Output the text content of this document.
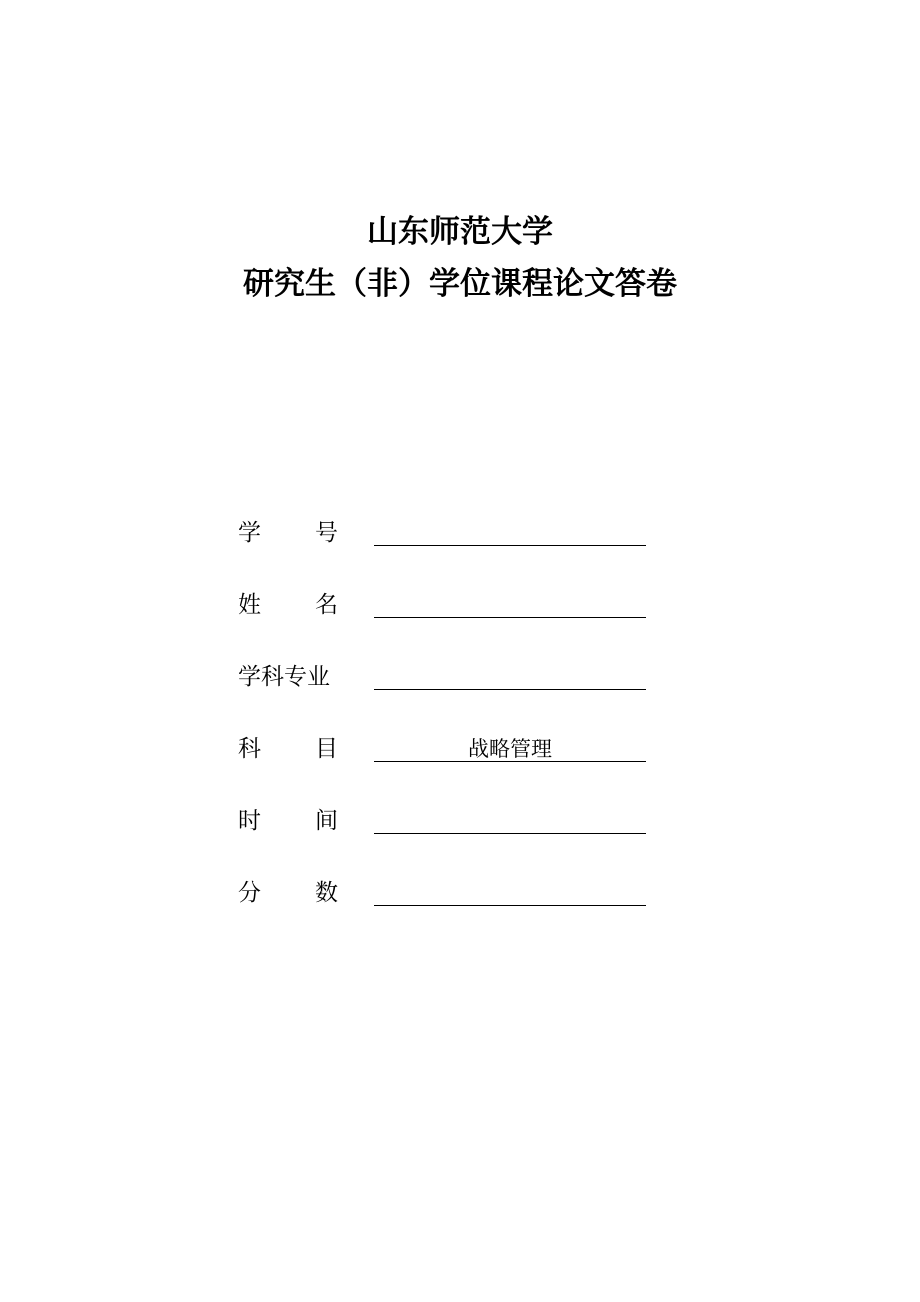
山东师范大学
研究生（非）学位课程论文答卷
学 号
姓 名
学科专业
科 目	战略管理
时 间
分 数
